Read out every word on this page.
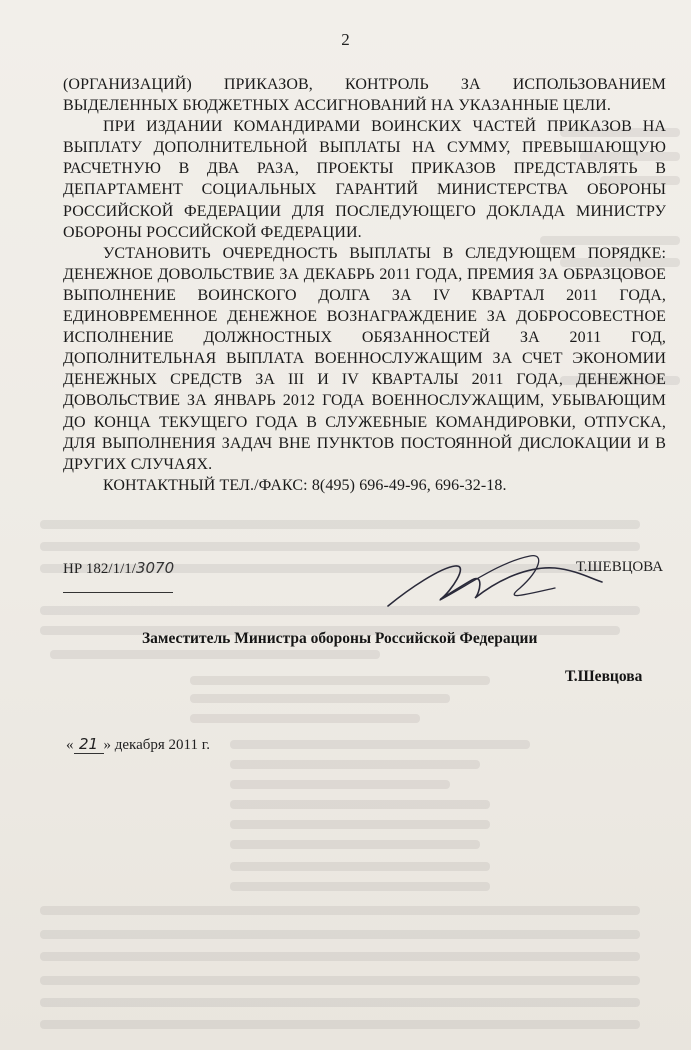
2

(ОРГАНИЗАЦИЙ) ПРИКАЗОВ, КОНТРОЛЬ ЗА ИСПОЛЬЗОВАНИЕМ ВЫДЕЛЕННЫХ БЮДЖЕТНЫХ АССИГНОВАНИЙ НА УКАЗАННЫЕ ЦЕЛИ.

ПРИ ИЗДАНИИ КОМАНДИРАМИ ВОИНСКИХ ЧАСТЕЙ ПРИКАЗОВ НА ВЫПЛАТУ ДОПОЛНИТЕЛЬНОЙ ВЫПЛАТЫ НА СУММУ, ПРЕВЫШАЮЩУЮ РАСЧЕТНУЮ В ДВА РАЗА, ПРОЕКТЫ ПРИКАЗОВ ПРЕДСТАВЛЯТЬ В ДЕПАРТАМЕНТ СОЦИАЛЬНЫХ ГАРАНТИЙ МИНИСТЕРСТВА ОБОРОНЫ РОССИЙСКОЙ ФЕДЕРАЦИИ ДЛЯ ПОСЛЕДУЮЩЕГО ДОКЛАДА МИНИСТРУ ОБОРОНЫ РОССИЙСКОЙ ФЕДЕРАЦИИ.

УСТАНОВИТЬ ОЧЕРЕДНОСТЬ ВЫПЛАТЫ В СЛЕДУЮЩЕМ ПОРЯДКЕ: ДЕНЕЖНОЕ ДОВОЛЬСТВИЕ ЗА ДЕКАБРЬ 2011 ГОДА, ПРЕМИЯ ЗА ОБРАЗЦОВОЕ ВЫПОЛНЕНИЕ ВОИНСКОГО ДОЛГА ЗА IV КВАРТАЛ 2011 ГОДА, ЕДИНОВРЕМЕННОЕ ДЕНЕЖНОЕ ВОЗНАГРАЖДЕНИЕ ЗА ДОБРОСОВЕСТНОЕ ИСПОЛНЕНИЕ ДОЛЖНОСТНЫХ ОБЯЗАННОСТЕЙ ЗА 2011 ГОД, ДОПОЛНИТЕЛЬНАЯ ВЫПЛАТА ВОЕННОСЛУЖАЩИМ ЗА СЧЕТ ЭКОНОМИИ ДЕНЕЖНЫХ СРЕДСТВ ЗА III И IV КВАРТАЛЫ 2011 ГОДА, ДЕНЕЖНОЕ ДОВОЛЬСТВИЕ ЗА ЯНВАРЬ 2012 ГОДА ВОЕННОСЛУЖАЩИМ, УБЫВАЮЩИМ ДО КОНЦА ТЕКУЩЕГО ГОДА В СЛУЖЕБНЫЕ КОМАНДИРОВКИ, ОТПУСКА, ДЛЯ ВЫПОЛНЕНИЯ ЗАДАЧ ВНЕ ПУНКТОВ ПОСТОЯННОЙ ДИСЛОКАЦИИ И В ДРУГИХ СЛУЧАЯХ.

КОНТАКТНЫЙ ТЕЛ./ФАКС: 8(495) 696-49-96, 696-32-18.

НР 182/1/1/3070	Т.ШЕВЦОВА
Заместитель Министра обороны Российской Федерации
Т.Шевцова
« 21 » декабря 2011 г.
